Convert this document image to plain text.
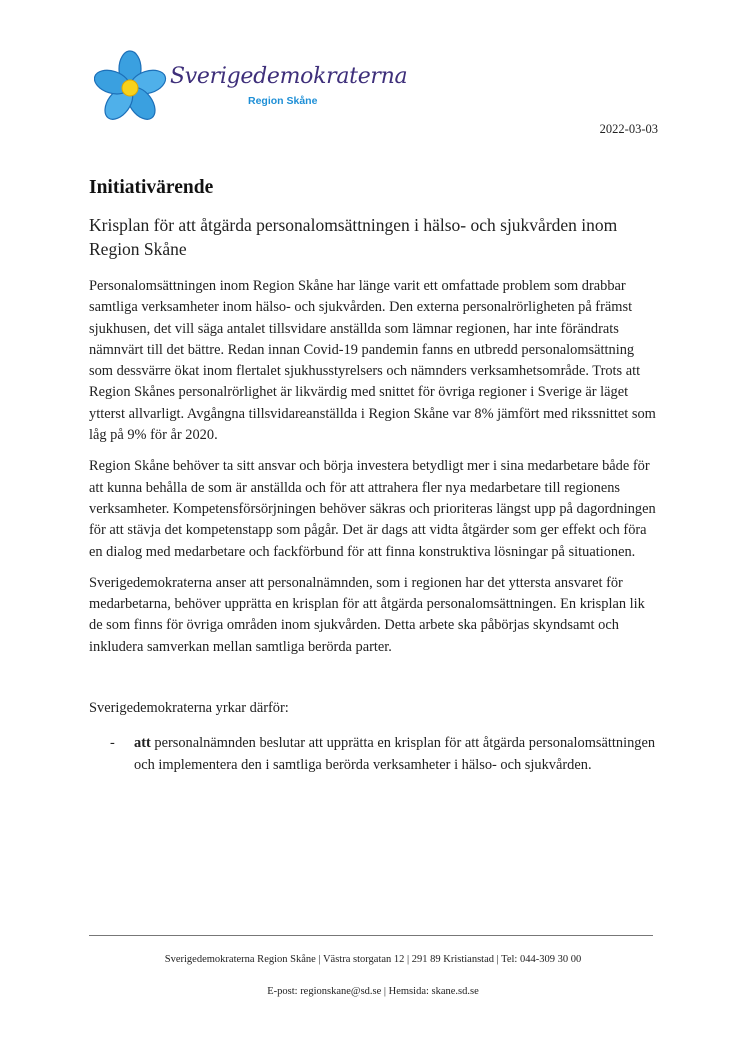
Sverigedemokraterna
Region Skåne
2022-03-03
Initiativärende
Krisplan för att åtgärda personalomsättningen i hälso- och sjukvården inom Region Skåne

Personalomsättningen inom Region Skåne har länge varit ett omfattade problem som drabbar samtliga verksamheter inom hälso- och sjukvården. Den externa personalrörligheten på främst sjukhusen, det vill säga antalet tillsvidare anställda som lämnar regionen, har inte förändrats nämnvärt till det bättre. Redan innan Covid-19 pandemin fanns en utbredd personalomsättning som dessvärre ökat inom flertalet sjukhusstyrelsers och nämnders verksamhetsområde. Trots att Region Skånes personalrörlighet är likvärdig med snittet för övriga regioner i Sverige är läget ytterst allvarligt. Avgångna tillsvidareanställda i Region Skåne var 8% jämfört med rikssnittet som låg på 9% för år 2020.

Region Skåne behöver ta sitt ansvar och börja investera betydligt mer i sina medarbetare både för att kunna behålla de som är anställda och för att attrahera fler nya medarbetare till regionens verksamheter. Kompetensförsörjningen behöver säkras och prioriteras längst upp på dagordningen för att stävja det kompetenstapp som pågår. Det är dags att vidta åtgärder som ger effekt och föra en dialog med medarbetare och fackförbund för att finna konstruktiva lösningar på situationen.

Sverigedemokraterna anser att personalnämnden, som i regionen har det yttersta ansvaret för medarbetarna, behöver upprätta en krisplan för att åtgärda personalomsättningen. En krisplan lik de som finns för övriga områden inom sjukvården. Detta arbete ska påbörjas skyndsamt och inkludera samverkan mellan samtliga berörda parter.

Sverigedemokraterna yrkar därför:

-	att personalnämnden beslutar att upprätta en krisplan för att åtgärda personalomsättningen och implementera den i samtliga berörda verksamheter i hälso- och sjukvården.
Sverigedemokraterna Region Skåne | Västra storgatan 12 | 291 89 Kristianstad | Tel: 044-309 30 00
E-post: regionskane@sd.se | Hemsida: skane.sd.se
